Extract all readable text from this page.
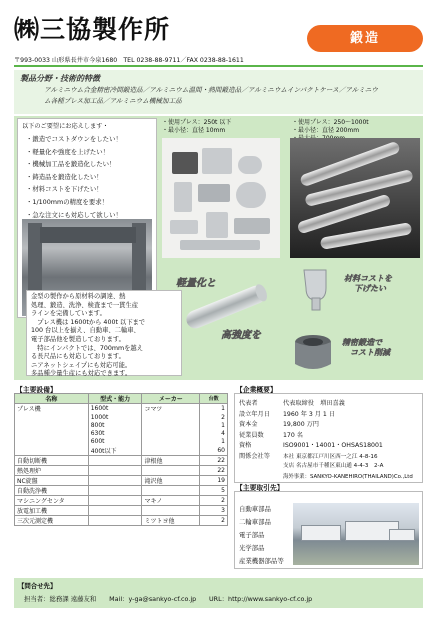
㈱三協製作所	鍛造
〒993-0033 山形県長井市今泉1680　TEL 0238-88-9711／FAX 0238-88-1611
製品分野・技術的特徴
アルミニウム合金精密冷間鍛造品／アルミニウム温間・熱間鍛造品／アルミニウムインパクトケース／アルミニウ
ム各種プレス加工品／アルミニウム機械加工品
以下のご要望にお応えします・
・鍛造でコストダウンをしたい！
・軽量化や強度を上げたい！
・機械加工品を鍛造化したい！
・鋳造品を鍛造化したい！
・材料コストを下げたい！
・1/100mmの精度を要求！
・急な注文にも対応して欲しい！
・使用プレス：250t 以下
・最小径：直径 10mm
・使用プレス：250～1000t
・最小径：直径 200mm
軽量化と
高強度を
材料コストを
下げたい
精密鍛造で
コスト削減
金型の製作から原材料の調達、熱
処理、鍛造、洗浄、検査まで一貫生産
ラインを完備しています。
　プレス機は 1600tから 400t 以下まで
100 台以上を揃え、自動車、二輪車、
電子部品他を製造しております。
　特にインパクトでは、700mmを越え
る長尺品にも対応しております。
ニアネットシェイプにも対応可能。
多品種少量生産にも対応できます。
【主要設備】
名称	型式・能力	メーカー	台数
プレス機	1600t	コマツ	1
	1000t		2
	800t		1
	630t		4
	600t		1
	400t以下		60
自動切断機		津根他	22
熱処理炉			22
NC旋盤		滝沢他	19
自動洗浄機			5
マシニングセンタ		マキノ	2
放電加工機			3
三次元測定機		ミツトヨ他	2
【企業概要】
代表者	代表取締役　増田喜義
設立年月日 1960 年 3 月 1 日
資本金	19,800 万円
従業員数	170 名
資格	ISO9001・14001・OHSAS18001
関係会社等 本社 東京都江戸川区西一之江 4-8-16
支店 名古屋市千種区東山通 4-4-3　2-A
海外事業：SANKYO-KANEHIRO(THAILAND)Co.,Ltd
【主要取引先】
自動車部品
二輪車部品
電子部品
光学部品
産業機器部品等
【問合せ先】
担当者：総務課 遠藤友和　　Mail：y-ga@sankyo-cf.co.jp　　URL：http://www.sankyo-cf.co.jp
